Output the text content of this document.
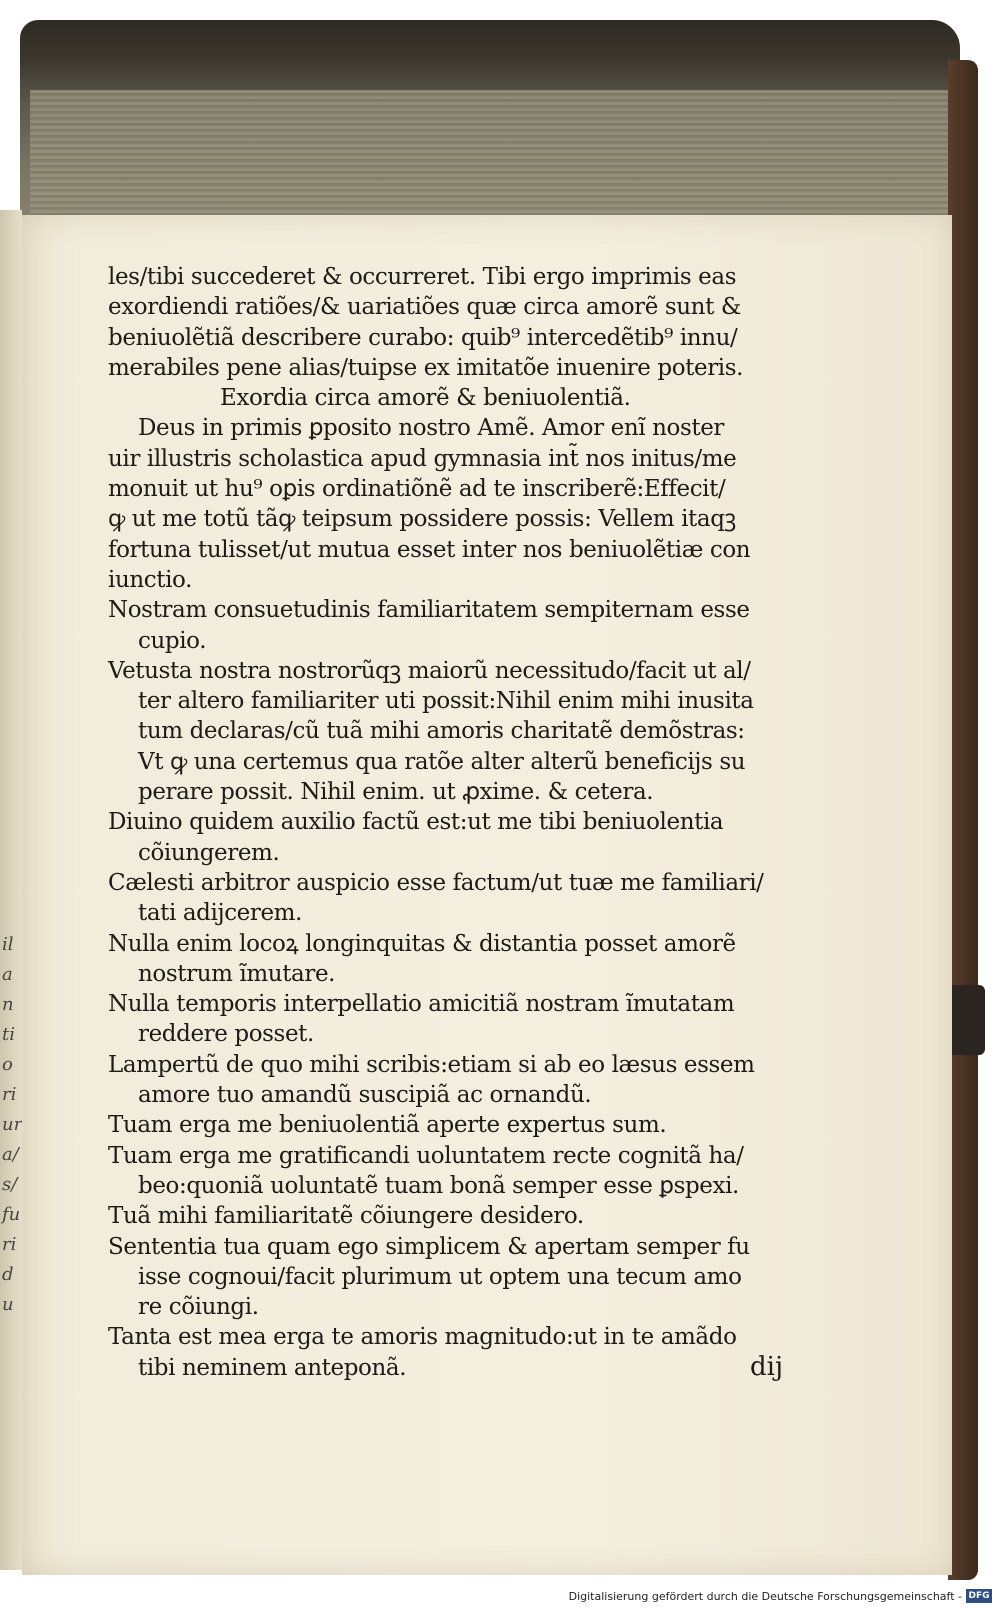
il
a
n
ti
o
ri
ur
a/
s/
fu
ri
d
u
les/tibi succederet & occurreret. Tibi ergo imprimis eas
exordiendi ratiões/& uariatiões quæ circa amorẽ sunt &
beniuolẽtiã describere curabo: quib⁹ intercedẽtib⁹ innu/
merabiles pene alias/tuipse ex imitatõe inuenire poteris.
Exordia circa amorẽ & beniuolentiã.
Deus in primis ꝑposito nostro Amẽ. Amor enĩ noster
uir illustris scholastica apud gymnasia int̃ nos initus/me
monuit ut hu⁹ oꝑis ordinatiõnẽ ad te inscriberẽ:Effecit/
ꝙ ut me totũ tãꝙ teipsum possidere possis: Vellem itaqꝫ
fortuna tulisset/ut mutua esset inter nos beniuolẽtiæ con
iunctio.
Nostram consuetudinis familiaritatem sempiternam esse
cupio.
Vetusta nostra nostrorũqꝫ maiorũ necessitudo/facit ut al/
ter altero familiariter uti possit:Nihil enim mihi inusita
tum declaras/cũ tuã mihi amoris charitatẽ demõstras:
Vt ꝙ una certemus qua ratõe alter alterũ beneficijs su
perare possit. Nihil enim. ut ꝓxime. & cetera.
Diuino quidem auxilio factũ est:ut me tibi beniuolentia
cõiungerem.
Cælesti arbitror auspicio esse factum/ut tuæ me familiari/
tati adijcerem.
Nulla enim locoꝝ longinquitas & distantia posset amorẽ
nostrum ĩmutare.
Nulla temporis interpellatio amicitiã nostram ĩmutatam
reddere posset.
Lampertũ de quo mihi scribis:etiam si ab eo læsus essem
amore tuo amandũ suscipiã ac ornandũ.
Tuam erga me beniuolentiã aperte expertus sum.
Tuam erga me gratificandi uoluntatem recte cognitã ha/
beo:quoniã uoluntatẽ tuam bonã semper esse ꝑspexi.
Tuã mihi familiaritatẽ cõiungere desidero.
Sententia tua quam ego simplicem & apertam semper fu
isse cognoui/facit plurimum ut optem una tecum amo
re cõiungi.
Tanta est mea erga te amoris magnitudo:ut in te amãdo
tibi neminem anteponã.	dij
Digitalisierung gefördert durch die Deutsche Forschungsgemeinschaft - DFG
